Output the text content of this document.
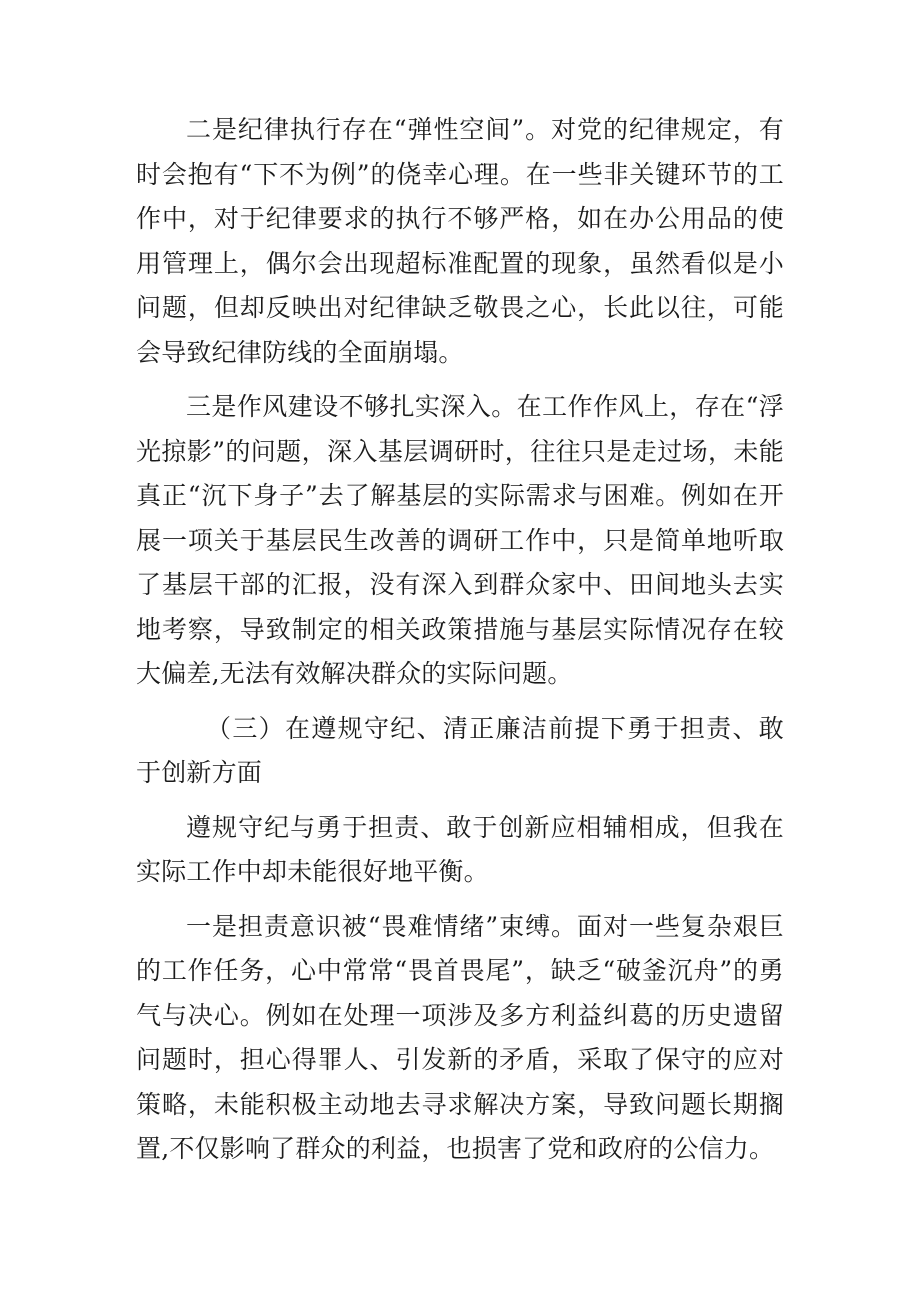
二是纪律执行存在“弹性空间”。对党的纪律规定，有时会抱有“下不为例”的侥幸心理。在一些非关键环节的工作中，对于纪律要求的执行不够严格，如在办公用品的使用管理上，偶尔会出现超标准配置的现象，虽然看似是小问题，但却反映出对纪律缺乏敬畏之心，长此以往，可能会导致纪律防线的全面崩塌。

三是作风建设不够扎实深入。在工作作风上，存在“浮光掠影”的问题，深入基层调研时，往往只是走过场，未能真正“沉下身子”去了解基层的实际需求与困难。例如在开展一项关于基层民生改善的调研工作中，只是简单地听取了基层干部的汇报，没有深入到群众家中、田间地头去实地考察，导致制定的相关政策措施与基层实际情况存在较大偏差,无法有效解决群众的实际问题。

（三）在遵规守纪、清正廉洁前提下勇于担责、敢于创新方面

遵规守纪与勇于担责、敢于创新应相辅相成，但我在实际工作中却未能很好地平衡。

一是担责意识被“畏难情绪”束缚。面对一些复杂艰巨的工作任务，心中常常“畏首畏尾”，缺乏“破釜沉舟”的勇气与决心。例如在处理一项涉及多方利益纠葛的历史遗留问题时，担心得罪人、引发新的矛盾，采取了保守的应对策略，未能积极主动地去寻求解决方案，导致问题长期搁置,不仅影响了群众的利益，也损害了党和政府的公信力。
